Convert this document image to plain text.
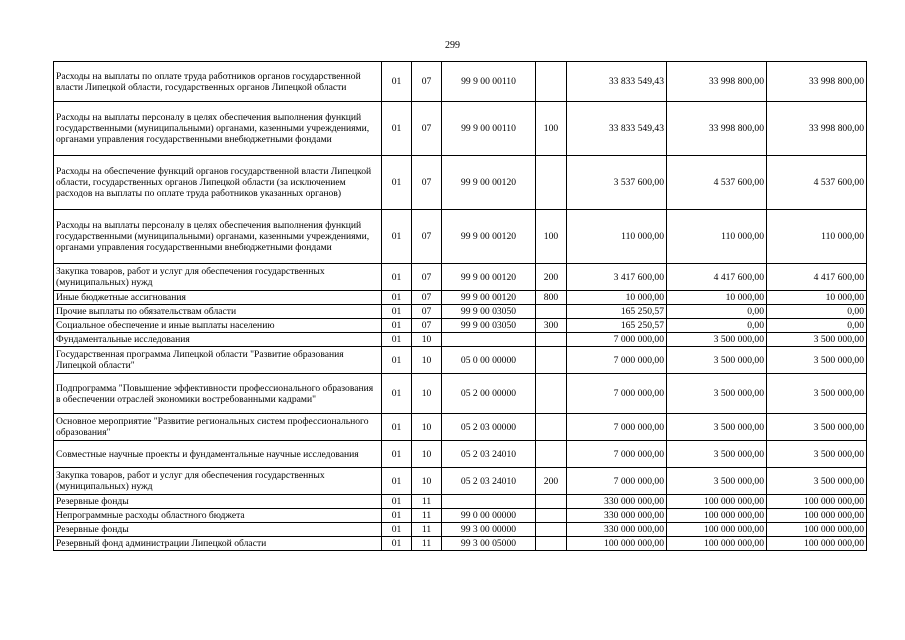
299
Расходы на выплаты по оплате труда работников органов государственной власти Липецкой области, государственных органов Липецкой области	01	07	99 9 00 00110		33 833 549,43	33 998 800,00	33 998 800,00
Расходы на выплаты персоналу в целях обеспечения выполнения функций государственными (муниципальными) органами, казенными учреждениями, органами управления государственными внебюджетными фондами	01	07	99 9 00 00110	100	33 833 549,43	33 998 800,00	33 998 800,00
Расходы на обеспечение функций органов государственной власти Липецкой области, государственных органов Липецкой области (за исключением расходов на выплаты по оплате труда работников указанных органов)	01	07	99 9 00 00120		3 537 600,00	4 537 600,00	4 537 600,00
Расходы на выплаты персоналу в целях обеспечения выполнения функций государственными (муниципальными) органами, казенными учреждениями, органами управления государственными внебюджетными фондами	01	07	99 9 00 00120	100	110 000,00	110 000,00	110 000,00
Закупка товаров, работ и услуг для обеспечения государственных (муниципальных) нужд	01	07	99 9 00 00120	200	3 417 600,00	4 417 600,00	4 417 600,00
Иные бюджетные ассигнования	01	07	99 9 00 00120	800	10 000,00	10 000,00	10 000,00
Прочие выплаты по обязательствам области	01	07	99 9 00 03050		165 250,57	0,00	0,00
Социальное обеспечение и иные выплаты населению	01	07	99 9 00 03050	300	165 250,57	0,00	0,00
Фундаментальные исследования	01	10			7 000 000,00	3 500 000,00	3 500 000,00
Государственная программа Липецкой области "Развитие образования Липецкой области"	01	10	05 0 00 00000		7 000 000,00	3 500 000,00	3 500 000,00
Подпрограмма "Повышение эффективности профессионального образования в обеспечении отраслей экономики востребованными кадрами"	01	10	05 2 00 00000		7 000 000,00	3 500 000,00	3 500 000,00
Основное мероприятие "Развитие региональных систем профессионального образования"	01	10	05 2 03 00000		7 000 000,00	3 500 000,00	3 500 000,00
Совместные научные проекты и фундаментальные научные исследования	01	10	05 2 03 24010		7 000 000,00	3 500 000,00	3 500 000,00
Закупка товаров, работ и услуг для обеспечения государственных (муниципальных) нужд	01	10	05 2 03 24010	200	7 000 000,00	3 500 000,00	3 500 000,00
Резервные фонды	01	11			330 000 000,00	100 000 000,00	100 000 000,00
Непрограммные расходы областного бюджета	01	11	99 0 00 00000		330 000 000,00	100 000 000,00	100 000 000,00
Резервные фонды	01	11	99 3 00 00000		330 000 000,00	100 000 000,00	100 000 000,00
Резервный фонд администрации Липецкой области	01	11	99 3 00 05000		100 000 000,00	100 000 000,00	100 000 000,00
